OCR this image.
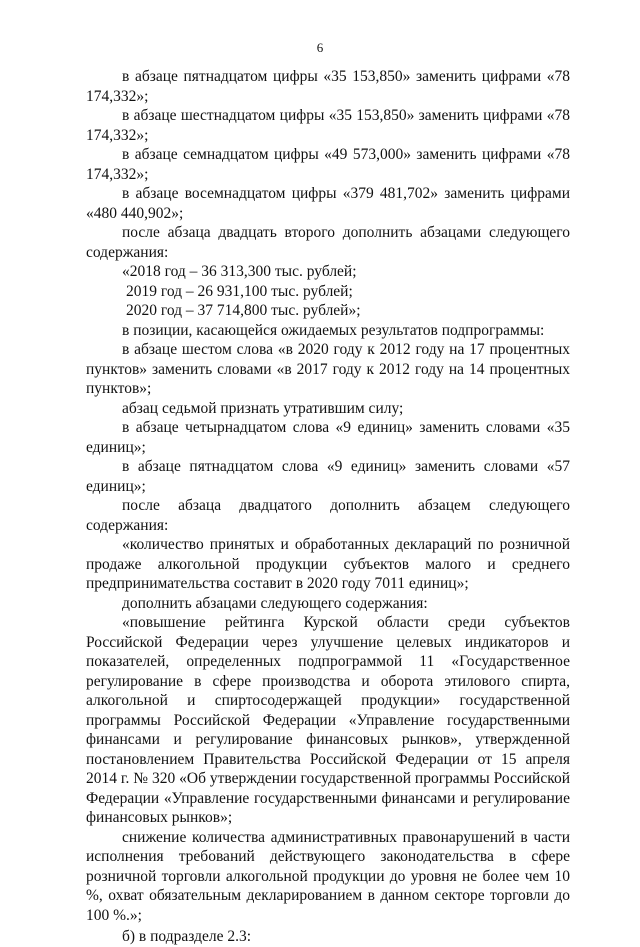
6

в абзаце пятнадцатом цифры «35 153,850» заменить цифрами «78 174,332»;

в абзаце шестнадцатом цифры «35 153,850» заменить цифрами «78 174,332»;

в абзаце семнадцатом цифры «49 573,000» заменить цифрами «78 174,332»;

в абзаце восемнадцатом цифры «379 481,702» заменить цифрами «480 440,902»;

после абзаца двадцать второго дополнить абзацами следующего содержания:

«2018 год – 36 313,300 тыс. рублей;

2019 год – 26 931,100 тыс. рублей;

2020 год – 37 714,800 тыс. рублей»;

в позиции, касающейся ожидаемых результатов подпрограммы:

в абзаце шестом слова «в 2020 году к 2012 году на 17 процентных пунктов» заменить словами «в 2017 году к 2012 году на 14 процентных пунктов»;

абзац седьмой признать утратившим силу;

в абзаце четырнадцатом слова «9 единиц» заменить словами «35 единиц»;

в абзаце пятнадцатом слова «9 единиц» заменить словами «57 единиц»;

после абзаца двадцатого дополнить абзацем следующего содержания:

«количество принятых и обработанных деклараций по розничной продаже алкогольной продукции субъектов малого и среднего предпринимательства составит в 2020 году 7011 единиц»;

дополнить абзацами следующего содержания:

«повышение рейтинга Курской области среди субъектов Российской Федерации через улучшение целевых индикаторов и показателей, определенных подпрограммой 11 «Государственное регулирование в сфере производства и оборота этилового спирта, алкогольной и спиртосодержащей продукции» государственной программы Российской Федерации «Управление государственными финансами и регулирование финансовых рынков», утвержденной постановлением Правительства Российской Федерации от 15 апреля 2014 г. № 320 «Об утверждении государственной программы Российской Федерации «Управление государственными финансами и регулирование финансовых рынков»;

снижение количества административных правонарушений в части исполнения требований действующего законодательства в сфере розничной торговли алкогольной продукции до уровня не более чем 10 %, охват обязательным декларированием в данном секторе торговли до 100 %.»;

б) в подразделе 2.3:
